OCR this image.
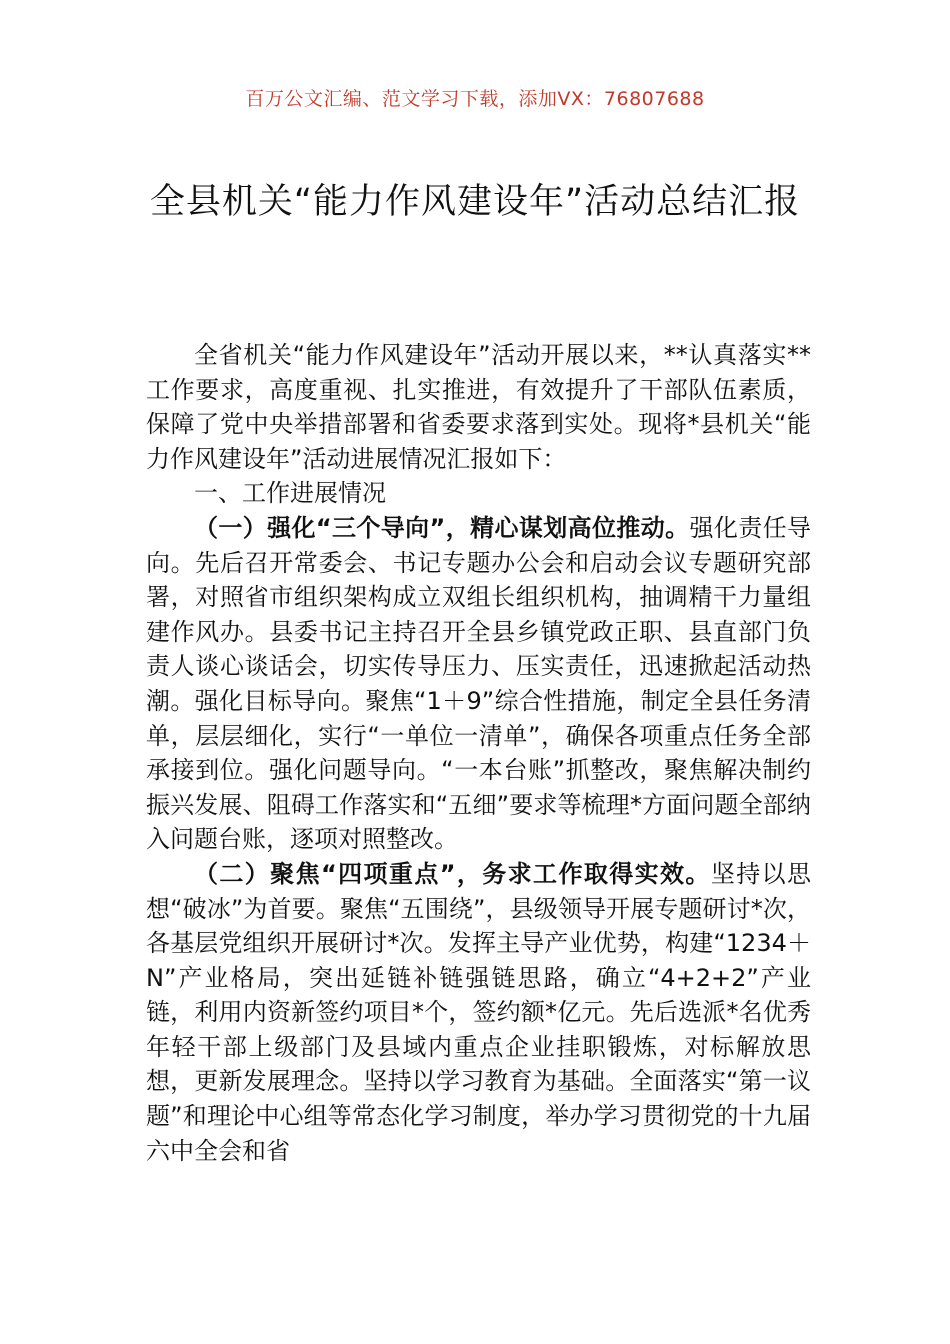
百万公文汇编、范文学习下载，添加VX：76807688
全县机关“能力作风建设年”活动总结汇报

全省机关“能力作风建设年”活动开展以来，**认真落实**工作要求，高度重视、扎实推进，有效提升了干部队伍素质，保障了党中央举措部署和省委要求落到实处。现将*县机关“能力作风建设年”活动进展情况汇报如下：

一、工作进展情况

（一）强化“三个导向”，精心谋划高位推动。强化责任导向。先后召开常委会、书记专题办公会和启动会议专题研究部署，对照省市组织架构成立双组长组织机构，抽调精干力量组建作风办。县委书记主持召开全县乡镇党政正职、县直部门负责人谈心谈话会，切实传导压力、压实责任，迅速掀起活动热潮。强化目标导向。聚焦“1＋9”综合性措施，制定全县任务清单，层层细化，实行“一单位一清单”，确保各项重点任务全部承接到位。强化问题导向。“一本台账”抓整改，聚焦解决制约振兴发展、阻碍工作落实和“五细”要求等梳理*方面问题全部纳入问题台账，逐项对照整改。

（二）聚焦“四项重点”，务求工作取得实效。坚持以思想“破冰”为首要。聚焦“五围绕”，县级领导开展专题研讨*次，各基层党组织开展研讨*次。发挥主导产业优势，构建“1234＋N”产业格局，突出延链补链强链思路，确立“4+2+2”产业链，利用内资新签约项目*个，签约额*亿元。先后选派*名优秀年轻干部上级部门及县域内重点企业挂职锻炼，对标解放思想，更新发展理念。坚持以学习教育为基础。全面落实“第一议题”和理论中心组等常态化学习制度，举办学习贯彻党的十九届六中全会和省
